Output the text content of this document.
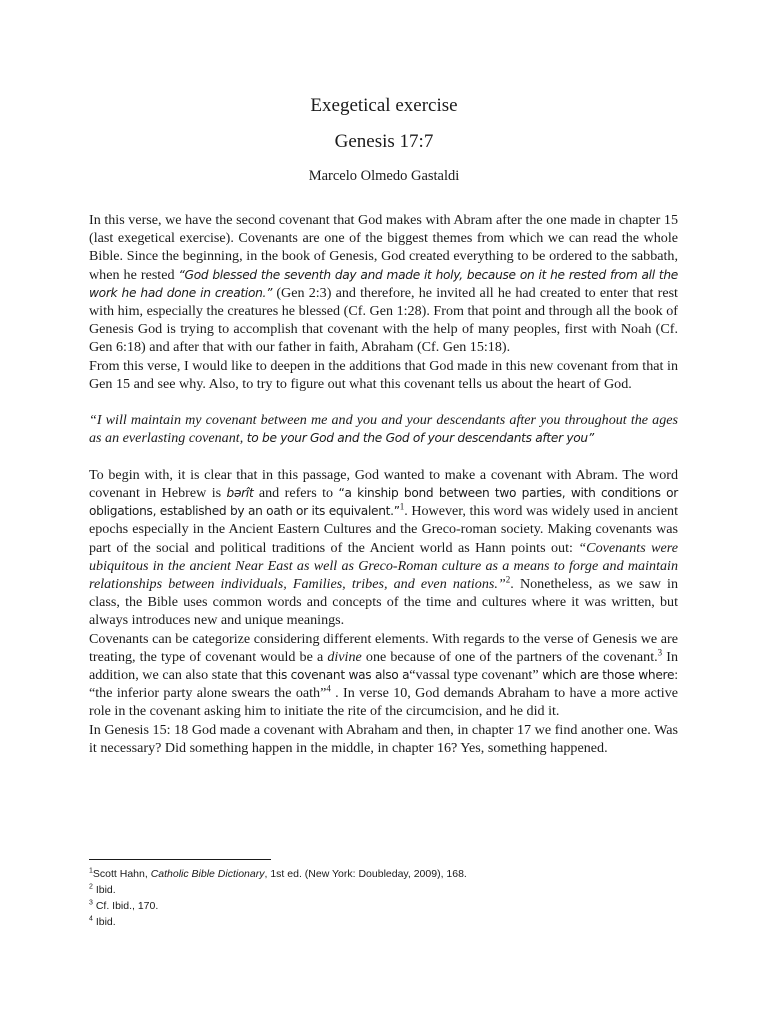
Exegetical exercise
Genesis 17:7
Marcelo Olmedo Gastaldi

In this verse, we have the second covenant that God makes with Abram after the one made in chapter 15 (last exegetical exercise). Covenants are one of the biggest themes from which we can read the whole Bible. Since the beginning, in the book of Genesis, God created everything to be ordered to the sabbath, when he rested “God blessed the seventh day and made it holy, because on it he rested from all the work he had done in creation.” (Gen 2:3) and therefore, he invited all he had created to enter that rest with him, especially the creatures he blessed (Cf. Gen 1:28). From that point and through all the book of Genesis God is trying to accomplish that covenant with the help of many peoples, first with Noah (Cf. Gen 6:18) and after that with our father in faith, Abraham (Cf. Gen 15:18).

From this verse, I would like to deepen in the additions that God made in this new covenant from that in Gen 15 and see why. Also, to try to figure out what this covenant tells us about the heart of God.

“I will maintain my covenant between me and you and your descendants after you throughout the ages as an everlasting covenant, to be your God and the God of your descendants after you”

To begin with, it is clear that in this passage, God wanted to make a covenant with Abram. The word covenant in Hebrew is bǝrît and refers to “a kinship bond between two parties, with conditions or obligations, established by an oath or its equivalent.”$^1$. However, this word was widely used in ancient epochs especially in the Ancient Eastern Cultures and the Greco-roman society. Making covenants was part of the social and political traditions of the Ancient world as Hann points out: “Covenants were ubiquitous in the ancient Near East as well as Greco-Roman culture as a means to forge and maintain relationships between individuals, Families, tribes, and even nations.”$^2$. Nonetheless, as we saw in class, the Bible uses common words and concepts of the time and cultures where it was written, but always introduces new and unique meanings.

Covenants can be categorize considering different elements. With regards to the verse of Genesis we are treating, the type of covenant would be a divine one because of one of the partners of the covenant.$^3$ In addition, we can also state that this covenant was also a“vassal type covenant” which are those where: “the inferior party alone swears the oath”$^4$ . In verse 10, God demands Abraham to have a more active role in the covenant asking him to initiate the rite of the circumcision, and he did it.

In Genesis 15: 18 God made a covenant with Abraham and then, in chapter 17 we find another one. Was it necessary? Did something happen in the middle, in chapter 16? Yes, something happened.

$^1$Scott Hahn, Catholic Bible Dictionary, 1st ed. (New York: Doubleday, 2009), 168.

$^2$ Ibid.

$^3$ Cf. Ibid., 170.

$^4$ Ibid.
